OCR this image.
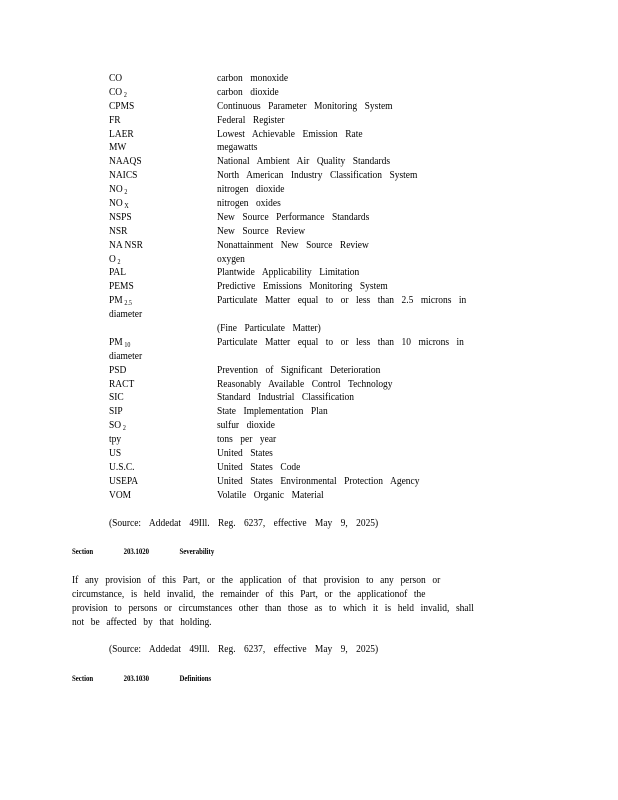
CO	carbon monoxide
CO $_2$	carbon dioxide
CPMS	Continuous Parameter Monitoring System
FR	Federal Register
LAER	Lowest Achievable Emission Rate
MW	megawatts
NAAQS	National Ambient Air Quality Standards
NAICS	North American Industry Classification System
NO $_2$	nitrogen dioxide
NO $_X$	nitrogen oxides
NSPS	New Source Performance Standards
NSR	New Source Review
NA NSR	Nonattainment New Source Review
O $_2$	oxygen
PAL	Plantwide Applicability Limitation
PEMS	Predictive Emissions Monitoring System
PM $_{2.5}$	Particulate Matter equal to or less than 2.5 microns in
diameter
(Fine Particulate Matter)
PM $_{10}$	Particulate Matter equal to or less than 10 microns in
diameter
PSD	Prevention of Significant Deterioration
RACT	Reasonably Available Control Technology
SIC	Standard Industrial Classification
SIP	State Implementation Plan
SO $_2$	sulfur dioxide
tpy	tons per year
US	United States
U.S.C.	United States Code
USEPA	United States Environmental Protection Agency
VOM	Volatile Organic Material
(Source: Addedat 49Ill. Reg. 6237, effective May 9, 2025)
Section	203.1020	Severability
If any provision of this Part, or the application of that provision to any person or
circumstance, is held invalid, the remainder of this Part, or the applicationof the
provision to persons or circumstances other than those as to which it is held invalid, shall
not be affected by that holding.
(Source: Addedat 49Ill. Reg. 6237, effective May 9, 2025)
Section	203.1030	Definitions
